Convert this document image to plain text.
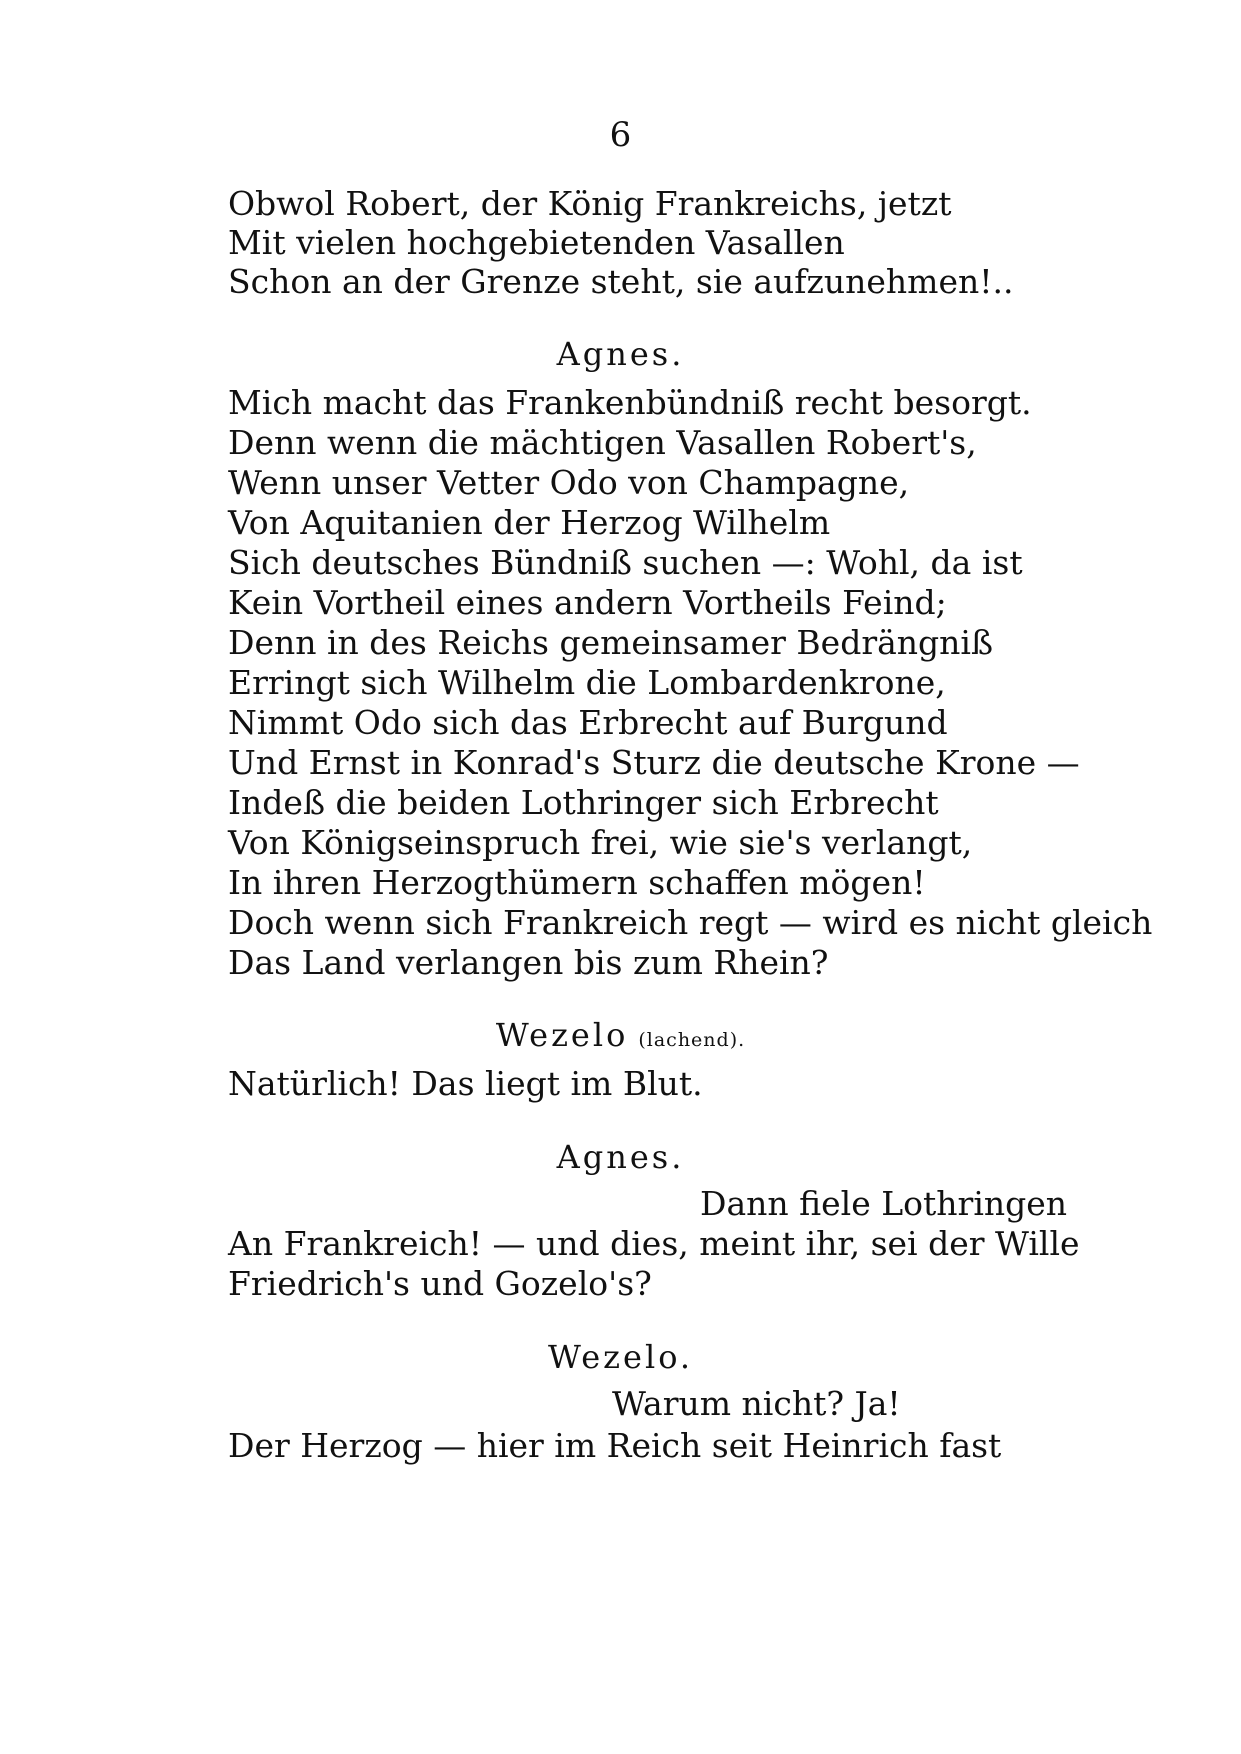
6
Obwol Robert, der König Frankreichs, jetzt
Mit vielen hochgebietenden Vasallen
Schon an der Grenze steht, sie aufzunehmen!..
Agnes.
Mich macht das Frankenbündniß recht besorgt.
Denn wenn die mächtigen Vasallen Robert's,
Wenn unser Vetter Odo von Champagne,
Von Aquitanien der Herzog Wilhelm
Sich deutsches Bündniß suchen —: Wohl, da ist
Kein Vortheil eines andern Vortheils Feind;
Denn in des Reichs gemeinsamer Bedrängniß
Erringt sich Wilhelm die Lombardenkrone,
Nimmt Odo sich das Erbrecht auf Burgund
Und Ernst in Konrad's Sturz die deutsche Krone —
Indeß die beiden Lothringer sich Erbrecht
Von Königseinspruch frei, wie sie's verlangt,
In ihren Herzogthümern schaffen mögen!
Doch wenn sich Frankreich regt — wird es nicht gleich
Das Land verlangen bis zum Rhein?
Wezelo (lachend).
Natürlich! Das liegt im Blut.
Agnes.
Dann fiele Lothringen
An Frankreich! — und dies, meint ihr, sei der Wille
Friedrich's und Gozelo's?
Wezelo.
Warum nicht? Ja!
Der Herzog — hier im Reich seit Heinrich fast
